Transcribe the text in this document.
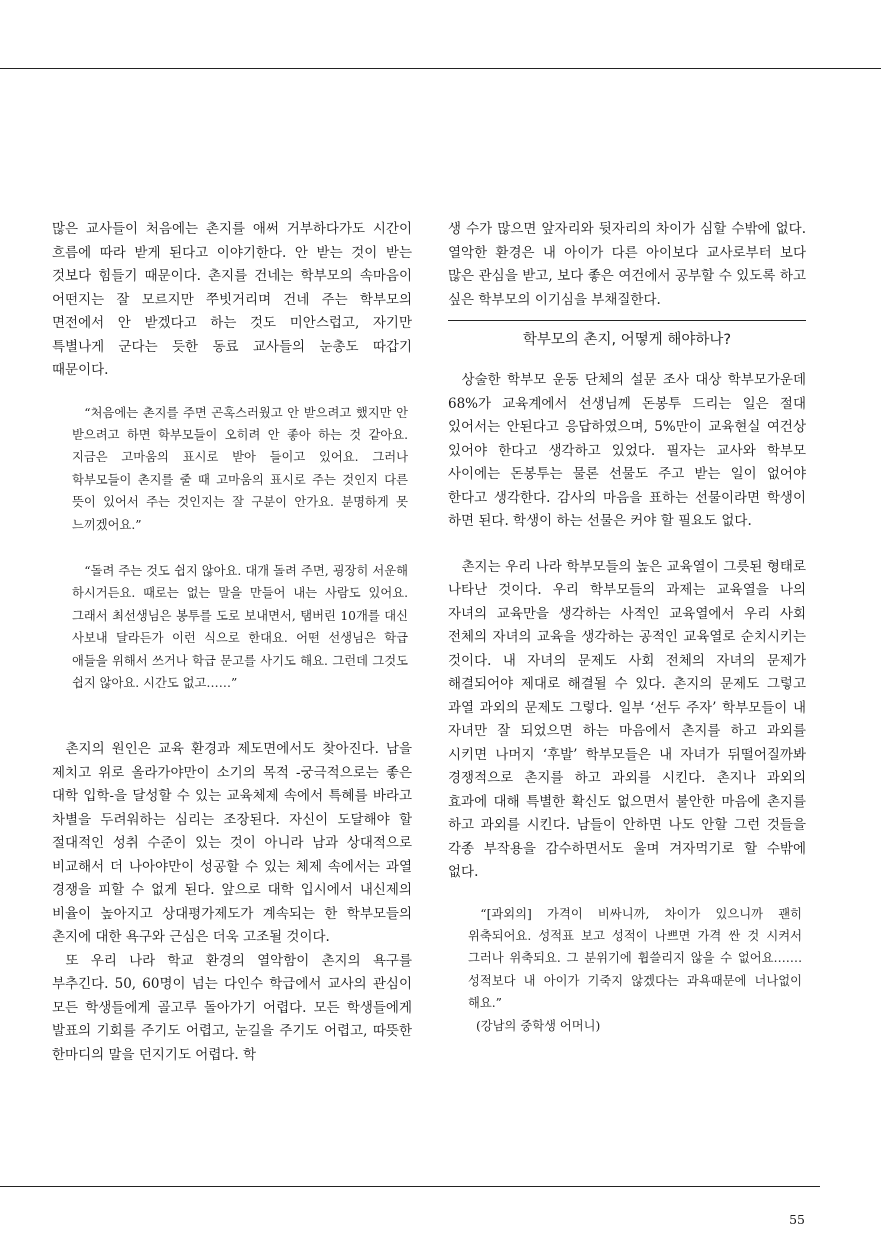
많은 교사들이 처음에는 촌지를 애써 거부하다가도 시간이 흐름에 따라 받게 된다고 이야기한다. 안 받는 것이 받는 것보다 힘들기 때문이다. 촌지를 건네는 학부모의 속마음이 어떤지는 잘 모르지만 쭈빗거리며 건네 주는 학부모의 면전에서 안 받겠다고 하는 것도 미안스럽고, 자기만 특별나게 군다는 듯한 동료 교사들의 눈총도 따갑기 때문이다.

“처음에는 촌지를 주면 곤혹스러웠고 안 받으려고 했지만 안 받으려고 하면 학부모들이 오히려 안 좋아 하는 것 같아요. 지금은 고마움의 표시로 받아 들이고 있어요. 그러나 학부모들이 촌지를 줄 때 고마움의 표시로 주는 것인지 다른 뜻이 있어서 주는 것인지는 잘 구분이 안가요. 분명하게 못 느끼겠어요.”

“돌려 주는 것도 쉽지 않아요. 대개 돌려 주면, 굉장히 서운해 하시거든요. 때로는 없는 말을 만들어 내는 사람도 있어요. 그래서 최선생님은 봉투를 도로 보내면서, 탬버린 10개를 대신 사보내 달라든가 이런 식으로 한대요. 어떤 선생님은 학급 애들을 위해서 쓰거나 학급 문고를 사기도 해요. 그런데 그것도 쉽지 않아요. 시간도 없고……”

촌지의 원인은 교육 환경과 제도면에서도 찾아진다. 남을 제치고 위로 올라가야만이 소기의 목적 -궁극적으로는 좋은 대학 입학-을 달성할 수 있는 교육체제 속에서 특혜를 바라고 차별을 두려워하는 심리는 조장된다. 자신이 도달해야 할 절대적인 성취 수준이 있는 것이 아니라 남과 상대적으로 비교해서 더 나아야만이 성공할 수 있는 체제 속에서는 과열 경쟁을 피할 수 없게 된다. 앞으로 대학 입시에서 내신제의 비율이 높아지고 상대평가제도가 계속되는 한 학부모들의 촌지에 대한 욕구와 근심은 더욱 고조될 것이다.

또 우리 나라 학교 환경의 열악함이 촌지의 욕구를 부추긴다. 50, 60명이 넘는 다인수 학급에서 교사의 관심이 모든 학생들에게 골고루 돌아가기 어렵다. 모든 학생들에게 발표의 기회를 주기도 어렵고, 눈길을 주기도 어렵고, 따뜻한 한마디의 말을 던지기도 어렵다. 학

생 수가 많으면 앞자리와 뒷자리의 차이가 심할 수밖에 없다. 열악한 환경은 내 아이가 다른 아이보다 교사로부터 보다 많은 관심을 받고, 보다 좋은 여건에서 공부할 수 있도록 하고 싶은 학부모의 이기심을 부채질한다.

학부모의 촌지, 어떻게 해야하나?

상술한 학부모 운동 단체의 설문 조사 대상 학부모가운데 68%가 교육계에서 선생님께 돈봉투 드리는 일은 절대 있어서는 안된다고 응답하였으며, 5%만이 교육현실 여건상 있어야 한다고 생각하고 있었다. 필자는 교사와 학부모 사이에는 돈봉투는 물론 선물도 주고 받는 일이 없어야 한다고 생각한다. 감사의 마음을 표하는 선물이라면 학생이 하면 된다. 학생이 하는 선물은 커야 할 필요도 없다.

촌지는 우리 나라 학부모들의 높은 교육열이 그릇된 형태로 나타난 것이다. 우리 학부모들의 과제는 교육열을 나의 자녀의 교육만을 생각하는 사적인 교육열에서 우리 사회 전체의 자녀의 교육을 생각하는 공적인 교육열로 순치시키는 것이다. 내 자녀의 문제도 사회 전체의 자녀의 문제가 해결되어야 제대로 해결될 수 있다. 촌지의 문제도 그렇고 과열 과외의 문제도 그렇다. 일부 ‘선두 주자’ 학부모들이 내 자녀만 잘 되었으면 하는 마음에서 촌지를 하고 과외를 시키면 나머지 ‘후발’ 학부모들은 내 자녀가 뒤떨어질까봐 경쟁적으로 촌지를 하고 과외를 시킨다. 촌지나 과외의 효과에 대해 특별한 확신도 없으면서 불안한 마음에 촌지를 하고 과외를 시킨다. 남들이 안하면 나도 안할 그런 것들을 각종 부작용을 감수하면서도 울며 겨자먹기로 할 수밖에 없다.

“[과외의] 가격이 비싸니까, 차이가 있으니까 괜히 위축되어요. 성적표 보고 성적이 나쁘면 가격 싼 것 시켜서 그러나 위축되요. 그 분위기에 휩쓸리지 않을 수 없어요……. 성적보다 내 아이가 기죽지 않겠다는 과욕때문에 너나없이 해요.”

(강남의 중학생 어머니)

55
